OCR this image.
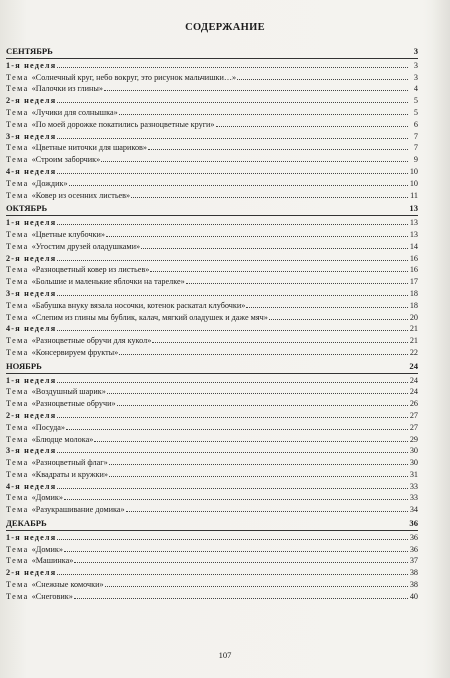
СОДЕРЖАНИЕ
СЕНТЯБРЬ	3
1-я неделя	3
Тема «Солнечный круг, небо вокруг, это рисунок мальчишки…»	3
Тема «Палочки из глины»	4
2-я неделя	5
Тема «Лучики для солнышка»	5
Тема «По моей дорожке покатились разноцветные круги»	6
3-я неделя	7
Тема «Цветные ниточки для шариков»	7
Тема «Строим заборчик»	9
4-я неделя	10
Тема «Дождик»	10
Тема «Ковер из осенних листьев»	11
ОКТЯБРЬ	13
1-я неделя	13
Тема «Цветные клубочки»	13
Тема «Угостим друзей оладушками»	14
2-я неделя	16
Тема «Разноцветный ковер из листьев»	16
Тема «Большие и маленькие яблочки на тарелке»	17
3-я неделя	18
Тема «Бабушка внуку вязала носочки, котенок раскатал клубочки»	18
Тема «Слепим из глины мы бублик, калач, мягкий оладушек и даже мяч»	20
4-я неделя	21
Тема «Разноцветные обручи для кукол»	21
Тема «Консервируем фрукты»	22
НОЯБРЬ	24
1-я неделя	24
Тема «Воздушный шарик»	24
Тема «Разноцветные обручи»	26
2-я неделя	27
Тема «Посуда»	27
Тема «Блюдце молока»	29
3-я неделя	30
Тема «Разноцветный флаг»	30
Тема «Квадраты и кружки»	31
4-я неделя	33
Тема «Домик»	33
Тема «Разукрашивание домика»	34
ДЕКАБРЬ	36
1-я неделя	36
Тема «Домик»	36
Тема «Машинка»	37
2-я неделя	38
Тема «Снежные комочки»	38
Тема «Снеговик»	40
107
